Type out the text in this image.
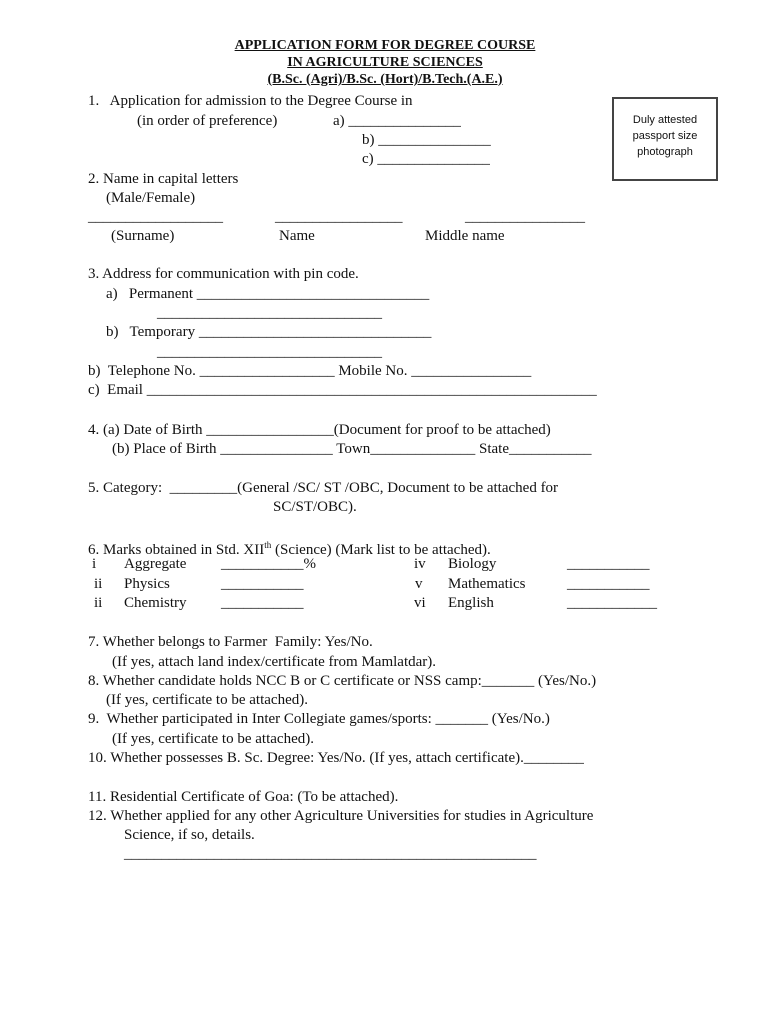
APPLICATION FORM FOR DEGREE COURSE
IN AGRICULTURE SCIENCES
(B.Sc. (Agri)/B.Sc. (Hort)/B.Tech.(A.E.)
Duly attested
passport size
photograph
1.   Application for admission to the Degree Course in
(in order of preference)	a) _______________
b) _______________
c) _______________
2. Name in capital letters
(Male/Female)
__________________	_________________	________________
(Surname)	Name	Middle name
3. Address for communication with pin code.
a)   Permanent _______________________________
______________________________
b)   Temporary _______________________________
______________________________
b)  Telephone No. __________________ Mobile No. ________________
c)  Email ____________________________________________________________
4. (a) Date of Birth _________________(Document for proof to be attached)
(b) Place of Birth _______________ Town______________ State___________
5. Category:  _________(General /SC/ ST /OBC, Document to be attached for
SC/ST/OBC).
6. Marks obtained in Std. XIIth (Science) (Mark list to be attached).
i Aggregate ___________%	iv Biology	___________
ii Physics	___________	v Mathematics	___________
ii Chemistry ___________	vi English	____________
7. Whether belongs to Farmer  Family: Yes/No.
(If yes, attach land index/certificate from Mamlatdar).
8. Whether candidate holds NCC B or C certificate or NSS camp:_______ (Yes/No.)
(If yes, certificate to be attached).
9.  Whether participated in Inter Collegiate games/sports: _______ (Yes/No.)
(If yes, certificate to be attached).
10. Whether possesses B. Sc. Degree: Yes/No. (If yes, attach certificate).________
11. Residential Certificate of Goa: (To be attached).
12. Whether applied for any other Agriculture Universities for studies in Agriculture
Science, if so, details.
_______________________________________________________
